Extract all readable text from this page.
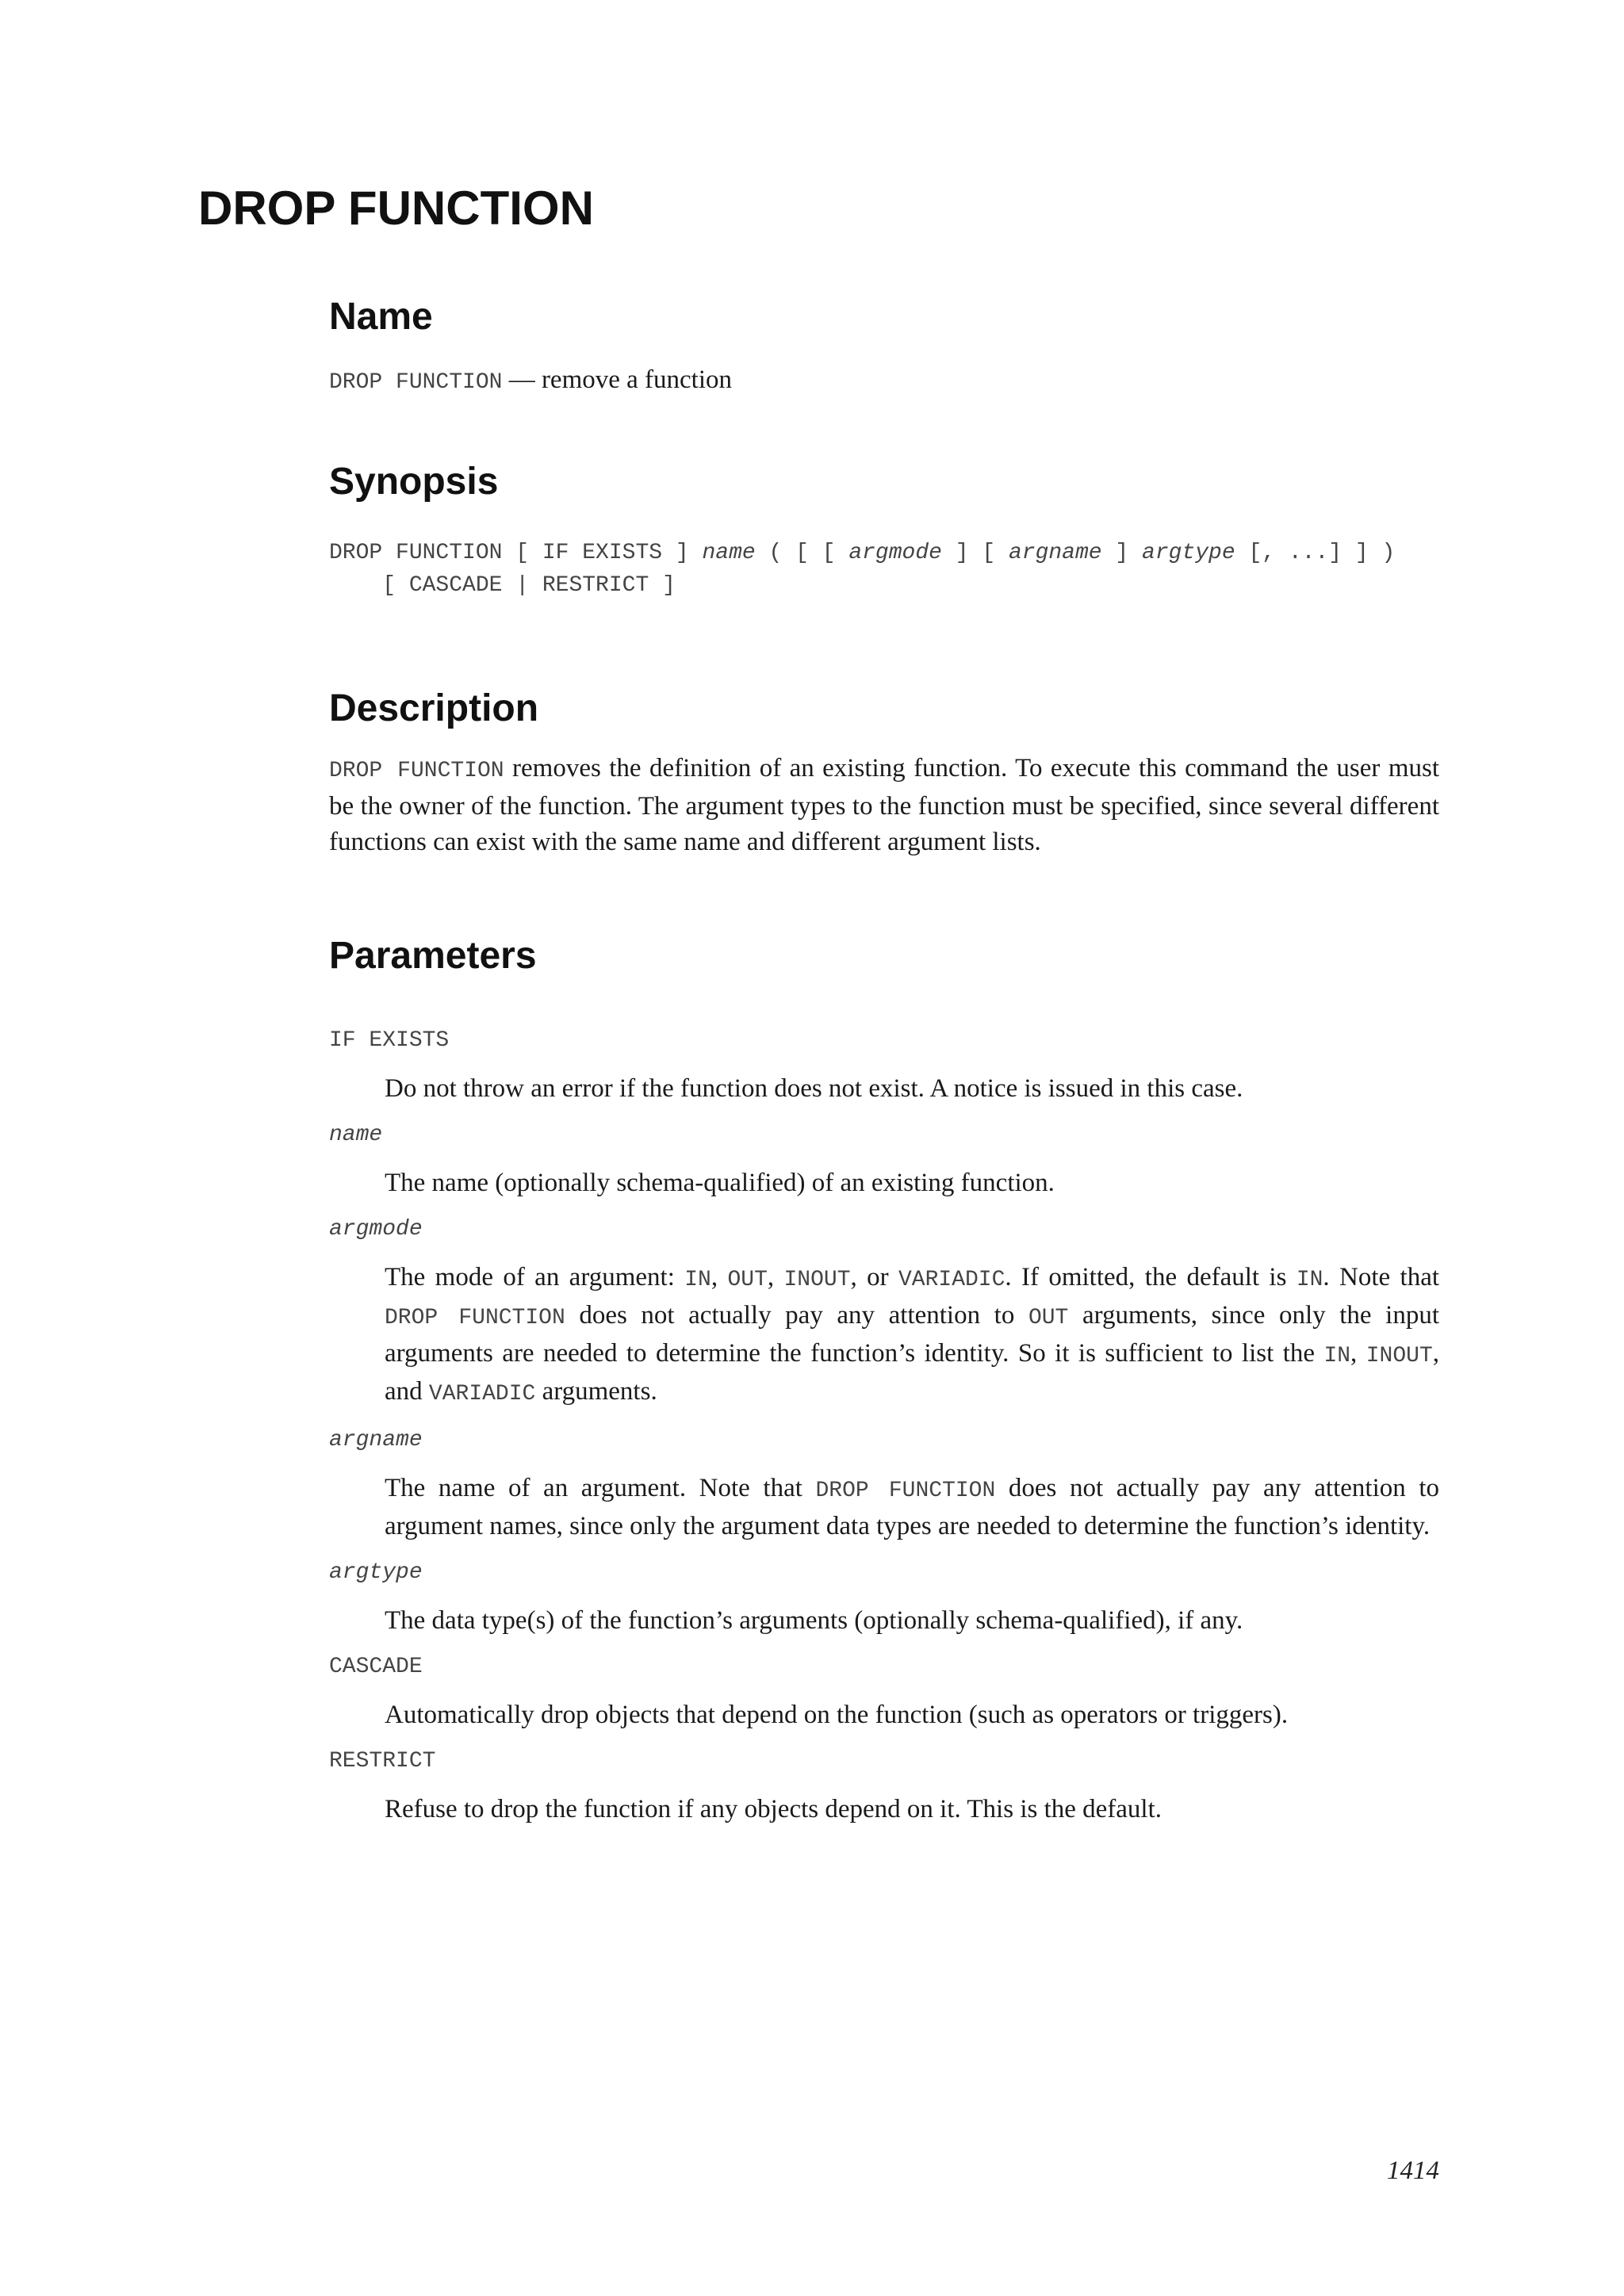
DROP FUNCTION
Name
DROP FUNCTION — remove a function
Synopsis
DROP FUNCTION [ IF EXISTS ] name ( [ [ argmode ] [ argname ] argtype [, ...] ] )
[ CASCADE | RESTRICT ]
Description

DROP FUNCTION removes the definition of an existing function. To execute this command the user must be the owner of the function. The argument types to the function must be specified, since several different functions can exist with the same name and different argument lists.

Parameters
IF EXISTS
Do not throw an error if the function does not exist. A notice is issued in this case.
name
The name (optionally schema-qualified) of an existing function.
argmode
The mode of an argument: IN, OUT, INOUT, or VARIADIC. If omitted, the default is IN. Note that DROP FUNCTION does not actually pay any attention to OUT arguments, since only the input arguments are needed to determine the function’s identity. So it is sufficient to list the IN, INOUT, and VARIADIC arguments.
argname
The name of an argument. Note that DROP FUNCTION does not actually pay any attention to argument names, since only the argument data types are needed to determine the function’s identity.
argtype
The data type(s) of the function’s arguments (optionally schema-qualified), if any.
CASCADE
Automatically drop objects that depend on the function (such as operators or triggers).
RESTRICT
Refuse to drop the function if any objects depend on it. This is the default.
1414
